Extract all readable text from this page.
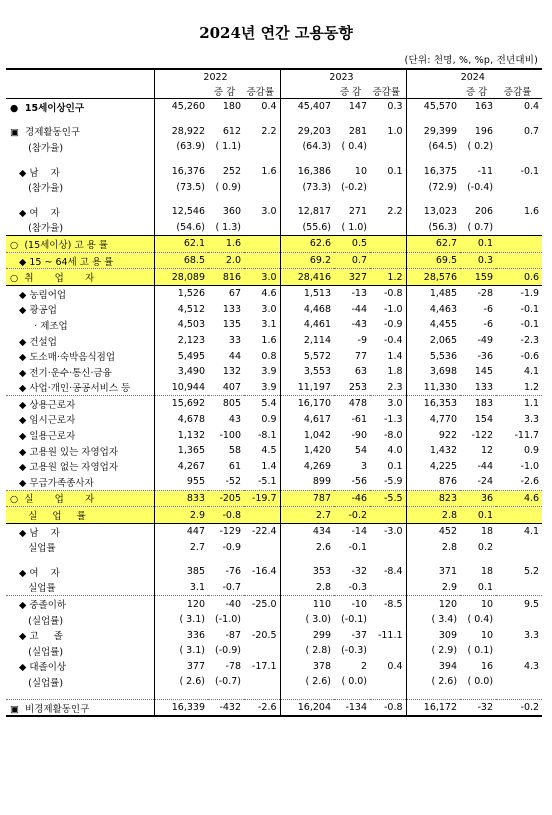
2024년 연간 고용동향
(단위: 천명, %, %p, 전년대비)
	2022			2023			2024		
		증 감	증감률		증 감	증감률		증 감	증감률
●  15세이상인구	45,260	180	0.4	45,407	147	0.3	45,570	163	0.4

▣  경제활동인구	28,922	612	2.2	29,203	281	1.0	29,399	196	0.7
(참가율)	(63.9)	( 1.1)		(64.3)	( 0.4)		(64.5)	( 0.2)	

◆ 남    자	16,376	252	1.6	16,386	10	0.1	16,375	-11	-0.1
(참가율)	(73.5)	( 0.9)		(73.3)	(-0.2)		(72.9)	(-0.4)	

◆ 여    자	12,546	360	3.0	12,817	271	2.2	13,023	206	1.6
(참가율)	(54.6)	( 1.3)		(55.6)	( 1.0)		(56.3)	( 0.7)	
○  (15세이상) 고 용 률	62.1	1.6		62.6	0.5		62.7	0.1	
◆ 15 ~ 64세 고 용 률	68.5	2.0		69.2	0.7		69.5	0.3	
○  취       업       자	28,089	816	3.0	28,416	327	1.2	28,576	159	0.6
◆ 농림어업	1,526	67	4.6	1,513	-13	-0.8	1,485	-28	-1.9
◆ 광공업	4,512	133	3.0	4,468	-44	-1.0	4,463	-6	-0.1
· 제조업	4,503	135	3.1	4,461	-43	-0.9	4,455	-6	-0.1
◆ 건설업	2,123	33	1.6	2,114	-9	-0.4	2,065	-49	-2.3
◆ 도소매·숙박음식점업	5,495	44	0.8	5,572	77	1.4	5,536	-36	-0.6
◆ 전기·운수·통신·금융	3,490	132	3.9	3,553	63	1.8	3,698	145	4.1
◆ 사업·개인·공공서비스 등	10,944	407	3.9	11,197	253	2.3	11,330	133	1.2
◆ 상용근로자	15,692	805	5.4	16,170	478	3.0	16,353	183	1.1
◆ 임시근로자	4,678	43	0.9	4,617	-61	-1.3	4,770	154	3.3
◆ 일용근로자	1,132	-100	-8.1	1,042	-90	-8.0	922	-122	-11.7
◆ 고용원 있는 자영업자	1,365	58	4.5	1,420	54	4.0	1,432	12	0.9
◆ 고용원 없는 자영업자	4,267	61	1.4	4,269	3	0.1	4,225	-44	-1.0
◆ 무급가족종사자	955	-52	-5.1	899	-56	-5.9	876	-24	-2.6
○  실       업       자	833	-205	-19.7	787	-46	-5.5	823	36	4.6
실     업     률	2.9	-0.8		2.7	-0.2		2.8	0.1	
◆ 남    자	447	-129	-22.4	434	-14	-3.0	452	18	4.1
실업률	2.7	-0.9		2.6	-0.1		2.8	0.2	

◆ 여    자	385	-76	-16.4	353	-32	-8.4	371	18	5.2
실업률	3.1	-0.7		2.8	-0.3		2.9	0.1	
◆ 중졸이하	120	-40	-25.0	110	-10	-8.5	120	10	9.5
(실업률)	( 3.1)	(-1.0)		( 3.0)	(-0.1)		( 3.4)	( 0.4)	
◆ 고     졸	336	-87	-20.5	299	-37	-11.1	309	10	3.3
(실업률)	( 3.1)	(-0.9)		( 2.8)	(-0.3)		( 2.9)	( 0.1)	
◆ 대졸이상	377	-78	-17.1	378	2	0.4	394	16	4.3
(실업률)	( 2.6)	(-0.7)		( 2.6)	( 0.0)		( 2.6)	( 0.0)	

▣  비경제활동인구	16,339	-432	-2.6	16,204	-134	-0.8	16,172	-32	-0.2
